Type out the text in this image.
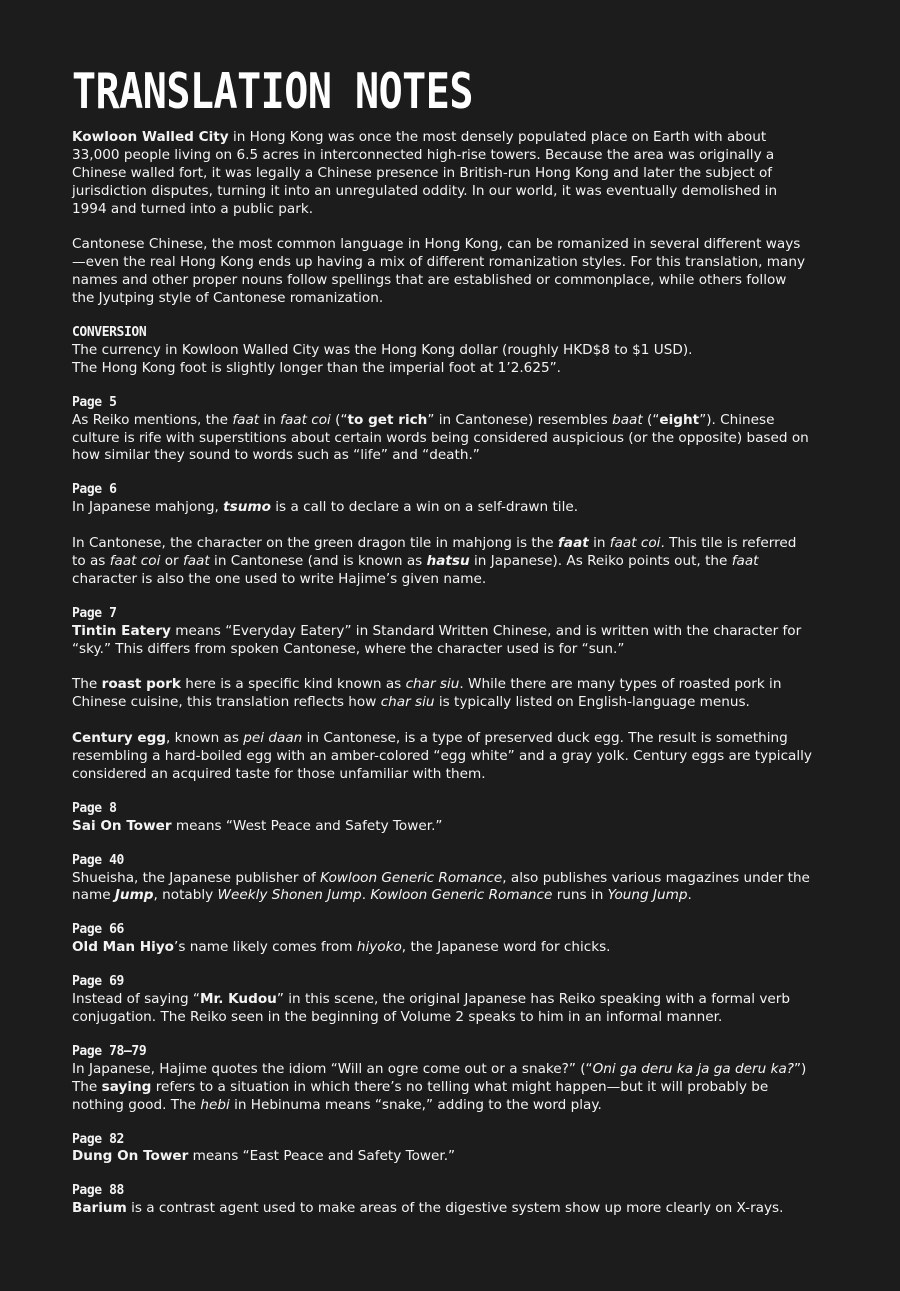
TRANSLATION NOTES

Kowloon Walled City in Hong Kong was once the most densely populated place on Earth with about 33,000 people living on 6.5 acres in interconnected high-rise towers. Because the area was originally a Chinese walled fort, it was legally a Chinese presence in British-run Hong Kong and later the subject of jurisdiction disputes, turning it into an unregulated oddity. In our world, it was eventually demolished in 1994 and turned into a public park.

Cantonese Chinese, the most common language in Hong Kong, can be romanized in several different ways—even the real Hong Kong ends up having a mix of different romanization styles. For this translation, many names and other proper nouns follow spellings that are established or commonplace, while others follow the Jyutping style of Cantonese romanization.

CONVERSION

The currency in Kowloon Walled City was the Hong Kong dollar (roughly HKD$8 to $1 USD).

The Hong Kong foot is slightly longer than the imperial foot at 1’2.625”.

Page 5

As Reiko mentions, the faat in faat coi (“to get rich” in Cantonese) resembles baat (“eight”). Chinese culture is rife with superstitions about certain words being considered auspicious (or the opposite) based on how similar they sound to words such as “life” and “death.”

Page 6

In Japanese mahjong, tsumo is a call to declare a win on a self-drawn tile.

In Cantonese, the character on the green dragon tile in mahjong is the faat in faat coi. This tile is referred to as faat coi or faat in Cantonese (and is known as hatsu in Japanese). As Reiko points out, the faat character is also the one used to write Hajime’s given name.

Page 7

Tintin Eatery means “Everyday Eatery” in Standard Written Chinese, and is written with the character for “sky.” This differs from spoken Cantonese, where the character used is for “sun.”

The roast pork here is a specific kind known as char siu. While there are many types of roasted pork in Chinese cuisine, this translation reflects how char siu is typically listed on English-language menus.

Century egg, known as pei daan in Cantonese, is a type of preserved duck egg. The result is something resembling a hard-boiled egg with an amber-colored “egg white” and a gray yolk. Century eggs are typically considered an acquired taste for those unfamiliar with them.

Page 8

Sai On Tower means “West Peace and Safety Tower.”

Page 40

Shueisha, the Japanese publisher of Kowloon Generic Romance, also publishes various magazines under the name Jump, notably Weekly Shonen Jump. Kowloon Generic Romance runs in Young Jump.

Page 66

Old Man Hiyo’s name likely comes from hiyoko, the Japanese word for chicks.

Page 69

Instead of saying “Mr. Kudou” in this scene, the original Japanese has Reiko speaking with a formal verb conjugation. The Reiko seen in the beginning of Volume 2 speaks to him in an informal manner.

Page 78—79

In Japanese, Hajime quotes the idiom “Will an ogre come out or a snake?” (“Oni ga deru ka ja ga deru ka?”) The saying refers to a situation in which there’s no telling what might happen—but it will probably be nothing good. The hebi in Hebinuma means “snake,” adding to the word play.

Page 82

Dung On Tower means “East Peace and Safety Tower.”

Page 88

Barium is a contrast agent used to make areas of the digestive system show up more clearly on X-rays.
